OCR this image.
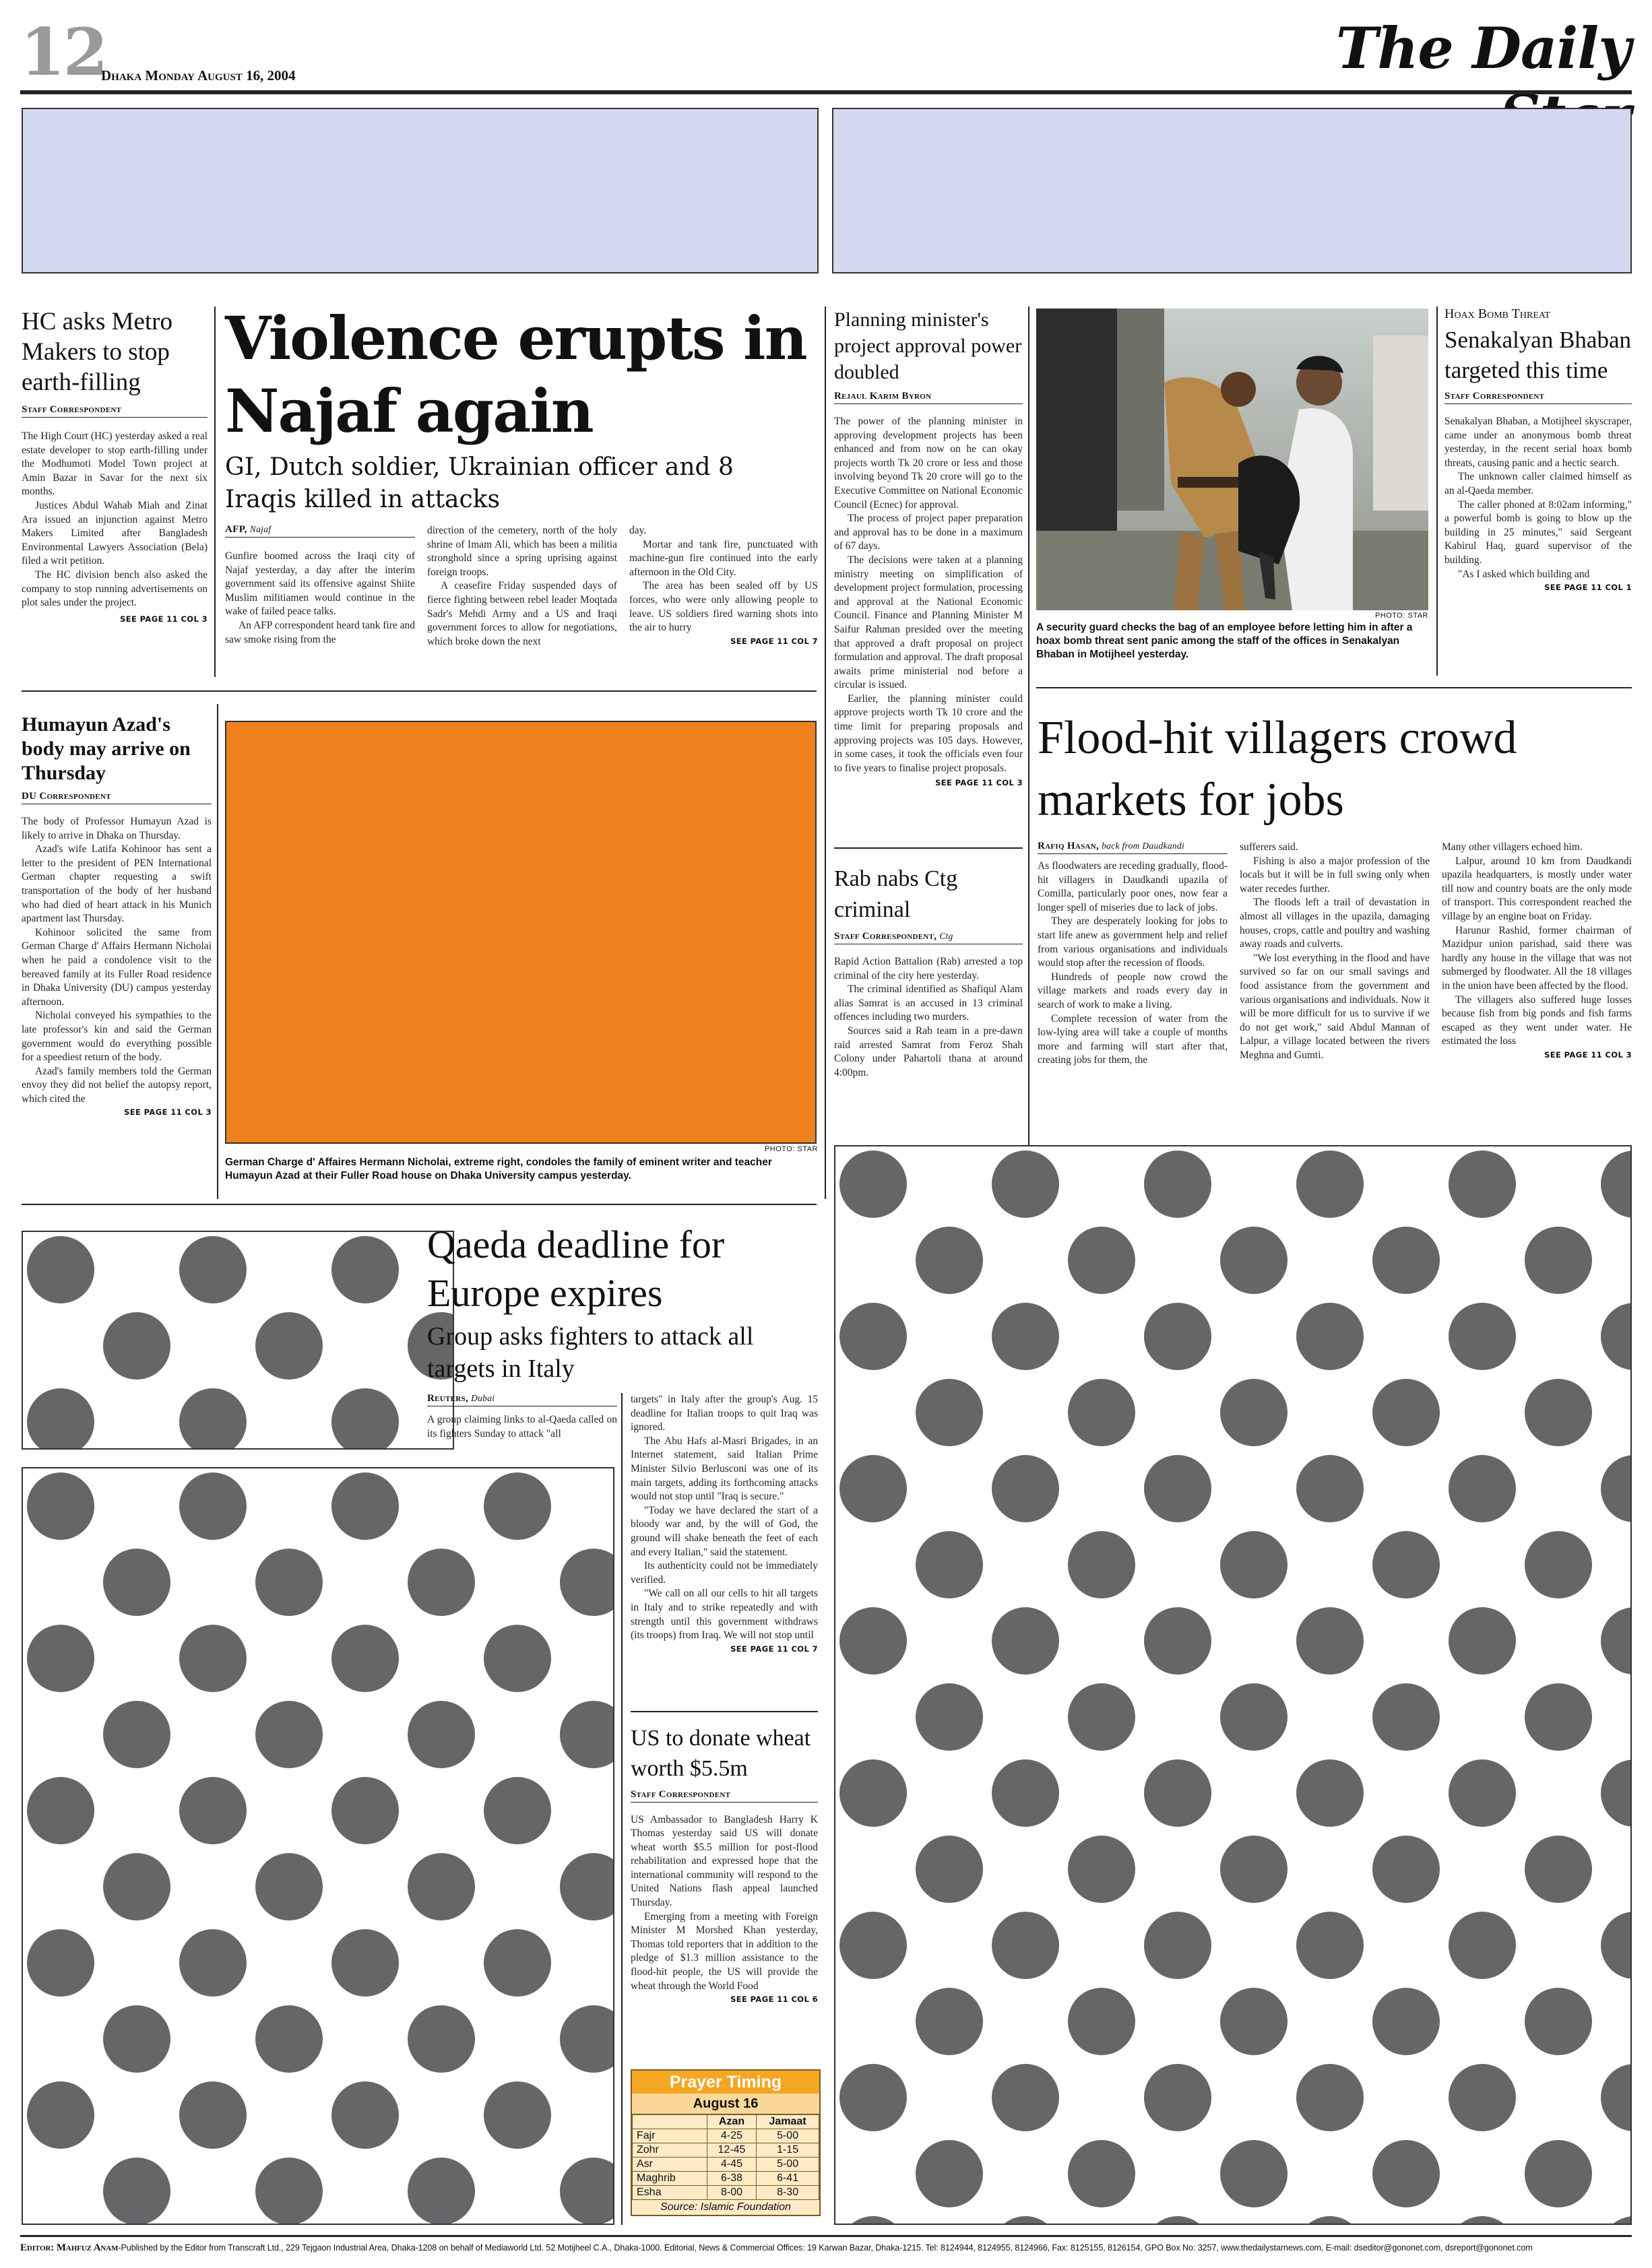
12
Dhaka Monday August 16, 2004	The Daily
HC asks Metro Makers to stop earth-filling
Staff Correspondent

The High Court (HC) yesterday asked a real estate developer to stop earth-filling under the Modhumoti Model Town project at Amin Bazar in Savar for the next six months.

Justices Abdul Wahab Miah and Zinat Ara issued an injunction against Metro Makers Limited after Bangladesh Environmental Lawyers Association (Bela) filed a writ petition.

The HC division bench also asked the company to stop running advertisements on plot sales under the project.

SEE PAGE 11 COL 3
Violence erupts in Najaf again
GI, Dutch soldier, Ukrainian officer and 8 Iraqis killed in attacks
AFP, Najaf

Gunfire boomed across the Iraqi city of Najaf yesterday, a day after the interim government said its offensive against Shiite Muslim militiamen would continue in the wake of failed peace talks.

An AFP correspondent heard tank fire and saw smoke rising from the

direction of the cemetery, north of the holy shrine of Imam Ali, which has been a militia stronghold since a spring uprising against foreign troops.

A ceasefire Friday suspended days of fierce fighting between rebel leader Moqtada Sadr's Mehdi Army and a US and Iraqi government forces to allow for negotiations, which broke down the next

day.

Mortar and tank fire, punctuated with machine-gun fire continued into the early afternoon in the Old City.

The area has been sealed off by US forces, who were only allowing people to leave. US soldiers fired warning shots into the air to hurry

SEE PAGE 11 COL 7
Planning minister's project approval power doubled
Rejaul Karim Byron

The power of the planning minister in approving development projects has been enhanced and from now on he can okay projects worth Tk 20 crore or less and those involving beyond Tk 20 crore will go to the Executive Committee on National Economic Council (Ecnec) for approval.

The process of project paper preparation and approval has to be done in a maximum of 67 days.

The decisions were taken at a planning ministry meeting on simplification of development project formulation, processing and approval at the National Economic Council. Finance and Planning Minister M Saifur Rahman presided over the meeting that approved a draft proposal on project formulation and approval. The draft proposal awaits prime ministerial nod before a circular is issued.

Earlier, the planning minister could approve projects worth Tk 10 crore and the time limit for preparing proposals and approving projects was 105 days. However, in some cases, it took the officials even four to five years to finalise project proposals.

SEE PAGE 11 COL 3
PHOTO: STAR
A security guard checks the bag of an employee before letting him in after a hoax bomb threat sent panic among the staff of the offices in Senakalyan Bhaban in Motijheel yesterday.
Hoax Bomb Threat
Senakalyan Bhaban targeted this time
Staff Correspondent

Senakalyan Bhaban, a Motijheel skyscraper, came under an anonymous bomb threat yesterday, in the recent serial hoax bomb threats, causing panic and a hectic search.

The unknown caller claimed himself as an al-Qaeda member.

The caller phoned at 8:02am informing," a powerful bomb is going to blow up the building in 25 minutes," said Sergeant Kabirul Haq, guard supervisor of the building.

"As I asked which building and

SEE PAGE 11 COL 1
Humayun Azad's body may arrive on Thursday
DU Correspondent

The body of Professor Humayun Azad is likely to arrive in Dhaka on Thursday.

Azad's wife Latifa Kohinoor has sent a letter to the president of PEN International German chapter requesting a swift transportation of the body of her husband who had died of heart attack in his Munich apartment last Thursday.

Kohinoor solicited the same from German Charge d' Affairs Hermann Nicholai when he paid a condolence visit to the bereaved family at its Fuller Road residence in Dhaka University (DU) campus yesterday afternoon.

Nicholai conveyed his sympathies to the late professor's kin and said the German government would do everything possible for a speediest return of the body.

Azad's family members told the German envoy they did not belief the autopsy report, which cited the

SEE PAGE 11 COL 3
PHOTO: STAR
German Charge d' Affaires Hermann Nicholai, extreme right, condoles the family of eminent writer and teacher Humayun Azad at their Fuller Road house on Dhaka University campus yesterday.
Rab nabs Ctg criminal
Staff Correspondent, Ctg

Rapid Action Battalion (Rab) arrested a top criminal of the city here yesterday.

The criminal identified as Shafiqul Alam alias Samrat is an accused in 13 criminal offences including two murders.

Sources said a Rab team in a pre-dawn raid arrested Samrat from Feroz Shah Colony under Pahartoli thana at around 4:00pm.

Flood-hit villagers crowd markets for jobs
Rafiq Hasan, back from Daudkandi

As floodwaters are receding gradually, flood-hit villagers in Daudkandi upazila of Comilla, particularly poor ones, now fear a longer spell of miseries due to lack of jobs.

They are desperately looking for jobs to start life anew as government help and relief from various organisations and individuals would stop after the recession of floods.

Hundreds of people now crowd the village markets and roads every day in search of work to make a living.

Complete recession of water from the low-lying area will take a couple of months more and farming will start after that, creating jobs for them, the

sufferers said.

Fishing is also a major profession of the locals but it will be in full swing only when water recedes further.

The floods left a trail of devastation in almost all villages in the upazila, damaging houses, crops, cattle and poultry and washing away roads and culverts.

"We lost everything in the flood and have survived so far on our small savings and food assistance from the government and various organisations and individuals. Now it will be more difficult for us to survive if we do not get work," said Abdul Mannan of Lalpur, a village located between the rivers Meghna and Gumti.

Many other villagers echoed him.

Lalpur, around 10 km from Daudkandi upazila headquarters, is mostly under water till now and country boats are the only mode of transport. This correspondent reached the village by an engine boat on Friday.

Harunur Rashid, former chairman of Mazidpur union parishad, said there was hardly any house in the village that was not submerged by floodwater. All the 18 villages in the union have been affected by the flood.

The villagers also suffered huge losses because fish from big ponds and fish farms escaped as they went under water. He estimated the loss

SEE PAGE 11 COL 3
Qaeda deadline for Europe expires
Group asks fighters to attack all targets in Italy
Reuters, Dubai

A group claiming links to al-Qaeda called on its fighters Sunday to attack "all

targets" in Italy after the group's Aug. 15 deadline for Italian troops to quit Iraq was ignored.

The Abu Hafs al-Masri Brigades, in an Internet statement, said Italian Prime Minister Silvio Berlusconi was one of its main targets, adding its forthcoming attacks would not stop until "Iraq is secure."

"Today we have declared the start of a bloody war and, by the will of God, the ground will shake beneath the feet of each and every Italian," said the statement.

Its authenticity could not be immediately verified.

"We call on all our cells to hit all targets in Italy and to strike repeatedly and with strength until this government withdraws (its troops) from Iraq. We will not stop until

SEE PAGE 11 COL 7
US to donate wheat worth $5.5m
Staff Correspondent

US Ambassador to Bangladesh Harry K Thomas yesterday said US will donate wheat worth $5.5 million for post-flood rehabilitation and expressed hope that the international community will respond to the United Nations flash appeal launched Thursday.

Emerging from a meeting with Foreign Minister M Morshed Khan yesterday, Thomas told reporters that in addition to the pledge of $1.3 million assistance to the flood-hit people, the US will provide the wheat through the World Food

SEE PAGE 11 COL 6
Prayer Timing
August 16
	Azan	Jamaat
Fajr	4-25	5-00
Zohr	12-45	1-15
Asr	4-45	5-00
Maghrib	6-38	6-41
Esha	8-00	8-30
Source: Islamic Foundation
Editor: Mahfuz Anam-Published by the Editor from Transcraft Ltd., 229 Tejgaon Industrial Area, Dhaka-1208 on behalf of Mediaworld Ltd. 52 Motijheel C.A., Dhaka-1000. Editorial, News & Commercial Offices: 19 Karwan Bazar, Dhaka-1215. Tel: 8124944, 8124955, 8124966, Fax: 8125155, 8126154, GPO Box No: 3257, www.thedailystarnews.com, E-mail: dseditor@gononet.com, dsreport@gononet.com
